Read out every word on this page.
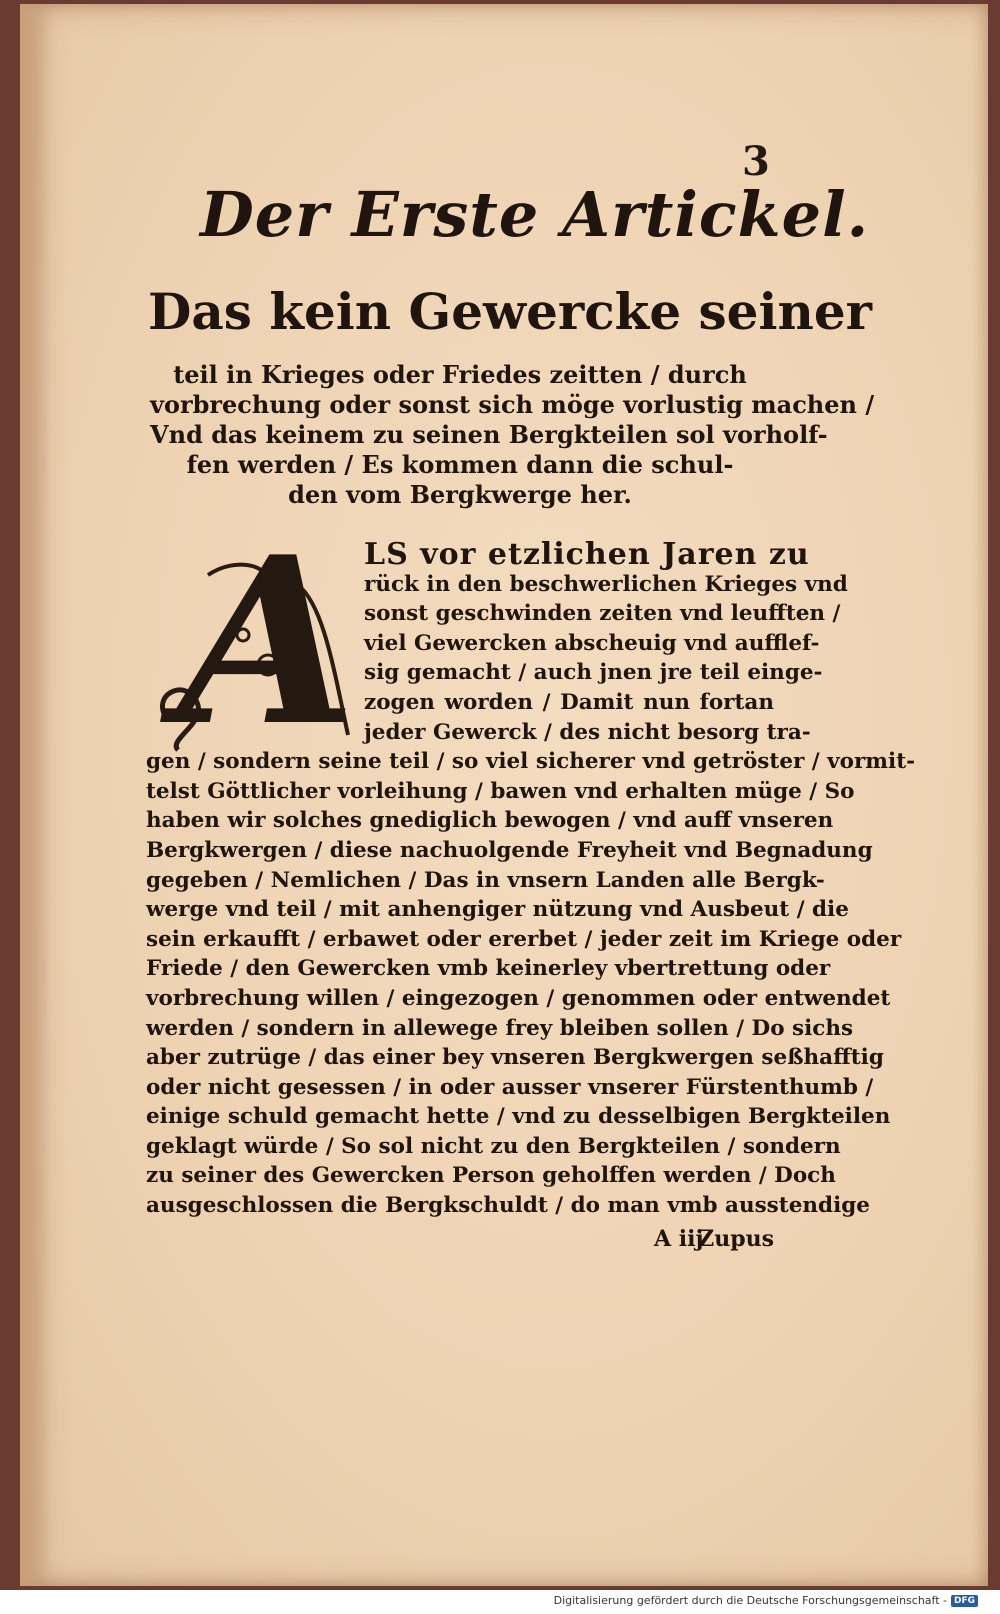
3
Der Erste Artickel.
Das kein Gewercke seiner
teil in Krieges oder Friedes zeitten / durch
vorbrechung oder sonst sich möge vorlustig machen /
Vnd das keinem zu seinen Bergkteilen sol vorholf-
fen werden / Es kommen dann die schul-
den vom Bergkwerge her.
A LS vor etzlichen Jaren zu
rück in den beschwerlichen Krieges vnd
sonst geschwinden zeiten vnd leufften /
viel Gewercken abscheuig vnd aufflef-
sig gemacht / auch jnen jre teil einge-
zogen worden / Damit nun fortan
jeder Gewerck / des nicht besorg tra-
gen / sondern seine teil / so viel sicherer vnd getröster / vormit-
telst Göttlicher vorleihung / bawen vnd erhalten müge / So
haben wir solches gnediglich bewogen / vnd auff vnseren
Bergkwergen / diese nachuolgende Freyheit vnd Begnadung
gegeben / Nemlichen / Das in vnsern Landen alle Bergk-
werge vnd teil / mit anhengiger nützung vnd Ausbeut / die
sein erkaufft / erbawet oder ererbet / jeder zeit im Kriege oder
Friede / den Gewercken vmb keinerley vbertrettung oder
vorbrechung willen / eingezogen / genommen oder entwendet
werden / sondern in allewege frey bleiben sollen / Do sichs
aber zutrüge / das einer bey vnseren Bergkwergen seßhafftig
oder nicht gesessen / in oder ausser vnserer Fürstenthumb /
einige schuld gemacht hette / vnd zu desselbigen Bergkteilen
geklagt würde / So sol nicht zu den Bergkteilen / sondern
zu seiner des Gewercken Person geholffen werden / Doch
ausgeschlossen die Bergkschuldt / do man vmb ausstendige
A iij
Zupus
Digitalisierung gefördert durch die Deutsche Forschungsgemeinschaft - DFG
